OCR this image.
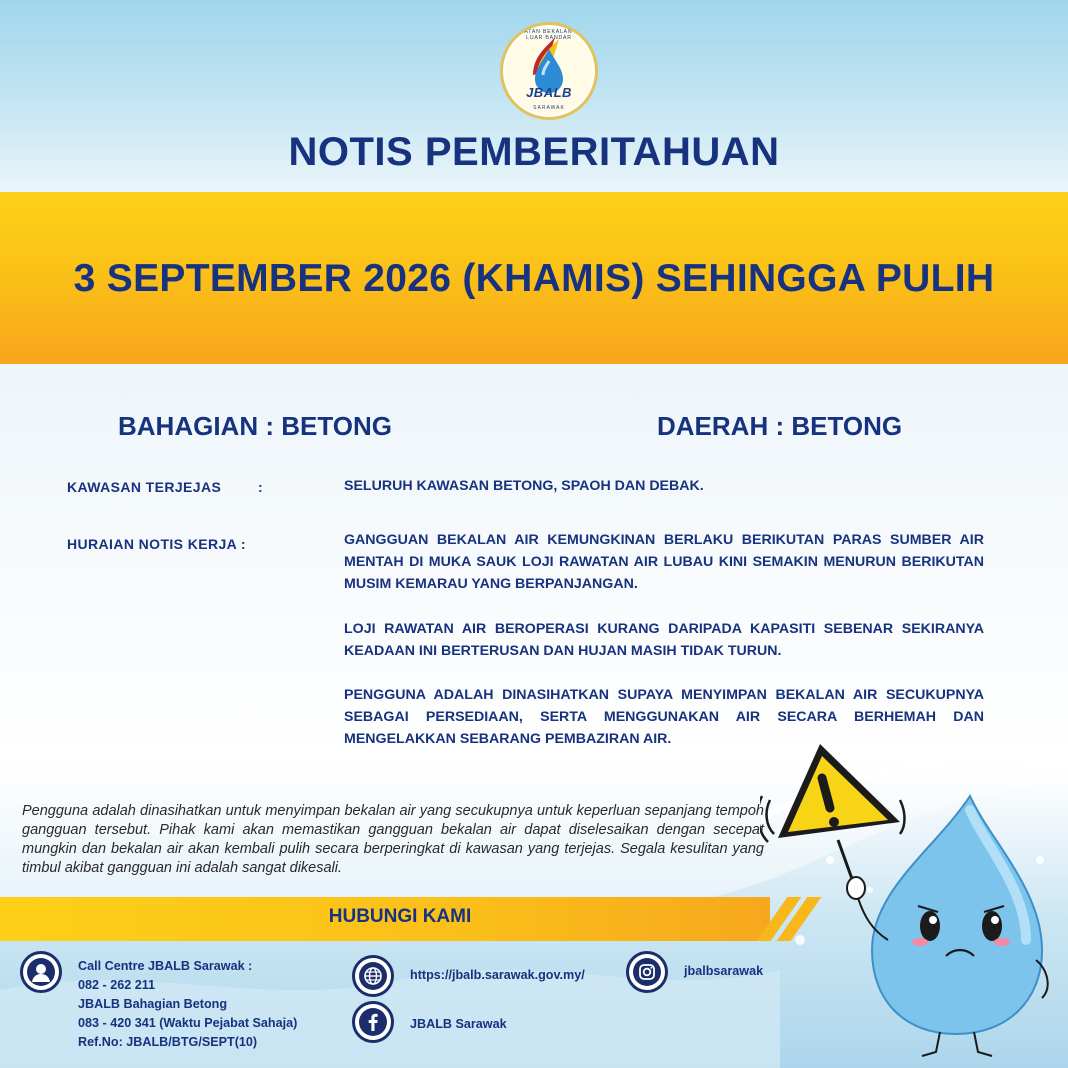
JABATAN BEKALAN AIR LUAR BANDAR
JBALB
SARAWAK
NOTIS PEMBERITAHUAN
3 SEPTEMBER 2026 (KHAMIS) SEHINGGA PULIH
BAHAGIAN : BETONG	DAERAH : BETONG
KAWASAN TERJEJAS	:	SELURUH KAWASAN BETONG, SPAOH DAN DEBAK.
HURAIAN NOTIS KERJA :	GANGGUAN BEKALAN AIR KEMUNGKINAN BERLAKU BERIKUTAN PARAS SUMBER AIR MENTAH DI MUKA SAUK LOJI RAWATAN AIR LUBAU KINI SEMAKIN MENURUN BERIKUTAN MUSIM KEMARAU YANG BERPANJANGAN.
LOJI RAWATAN AIR BEROPERASI KURANG DARIPADA KAPASITI SEBENAR SEKIRANYA KEADAAN INI BERTERUSAN DAN HUJAN MASIH TIDAK TURUN.
PENGGUNA ADALAH DINASIHATKAN SUPAYA MENYIMPAN BEKALAN AIR SECUKUPNYA SEBAGAI PERSEDIAAN, SERTA MENGGUNAKAN AIR SECARA BERHEMAH DAN MENGELAKKAN SEBARANG PEMBAZIRAN AIR.
Pengguna adalah dinasihatkan untuk menyimpan bekalan air yang secukupnya untuk keperluan sepanjang tempoh gangguan tersebut. Pihak kami akan memastikan gangguan bekalan air dapat diselesaikan dengan secepat mungkin dan bekalan air akan kembali pulih secara berperingkat di kawasan yang terjejas. Segala kesulitan yang timbul akibat gangguan ini adalah sangat dikesali.
HUBUNGI KAMI
Call Centre JBALB Sarawak :
082 - 262 211
JBALB Bahagian Betong
083 - 420 341 (Waktu Pejabat Sahaja)
Ref.No: JBALB/BTG/SEPT(10)
https://jbalb.sarawak.gov.my/
JBALB Sarawak
jbalbsarawak
